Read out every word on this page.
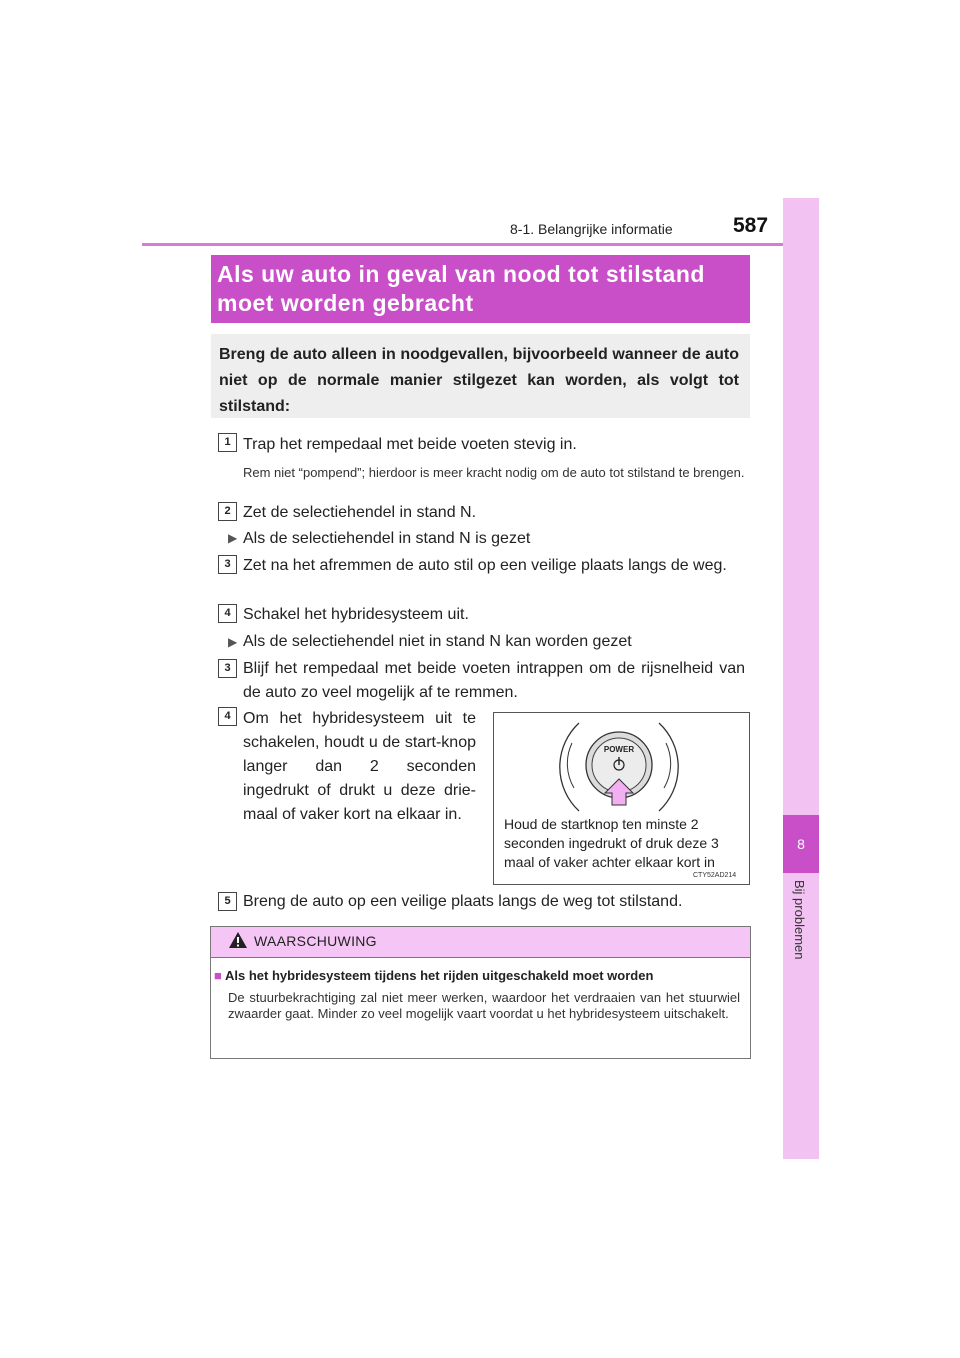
8-1. Belangrijke informatie	587
8
Bij problemen
Als uw auto in geval van nood tot stilstand moet worden gebracht
Breng de auto alleen in noodgevallen, bijvoorbeeld wanneer de auto niet op de normale manier stilgezet kan worden, als volgt tot stilstand:
1 Trap het rempedaal met beide voeten stevig in.
Rem niet “pompend”; hierdoor is meer kracht nodig om de auto tot stilstand te brengen.
2 Zet de selectiehendel in stand N.
▶ Als de selectiehendel in stand N is gezet
3 Zet na het afremmen de auto stil op een veilige plaats langs de weg.
4 Schakel het hybridesysteem uit.
▶ Als de selectiehendel niet in stand N kan worden gezet
3 Blijf het rempedaal met beide voeten intrappen om de rijsnelheid van de auto zo veel mogelijk af te remmen.
4 Om het hybridesysteem uit te schakelen, houdt u de start-knop langer dan 2 seconden ingedrukt of drukt u deze drie-maal of vaker kort na elkaar in.
POWER
Houd de startknop ten minste 2 seconden ingedrukt of druk deze 3 maal of vaker achter elkaar kort in
CTY52AD214
5 Breng de auto op een veilige plaats langs de weg tot stilstand.
WAARSCHUWING
■ Als het hybridesysteem tijdens het rijden uitgeschakeld moet worden
De stuurbekrachtiging zal niet meer werken, waardoor het verdraaien van het stuurwiel zwaarder gaat. Minder zo veel mogelijk vaart voordat u het hybridesysteem uitschakelt.
